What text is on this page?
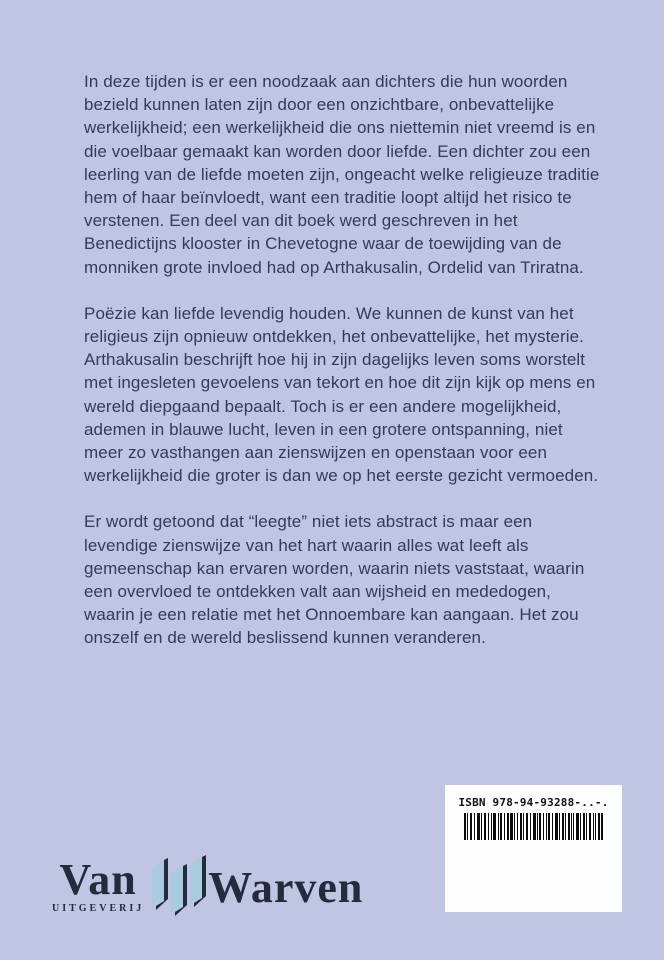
In deze tijden is er een noodzaak aan dichters die hun woorden bezield kunnen laten zijn door een onzichtbare, onbevattelijke werkelijkheid; een werkelijkheid die ons niettemin niet vreemd is en die voelbaar gemaakt kan worden door liefde. Een dichter zou een leerling van de liefde moeten zijn, ongeacht welke religieuze traditie hem of haar beïnvloedt, want een traditie loopt altijd het risico te verstenen. Een deel van dit boek werd geschreven in het Benedictijns klooster in Chevetogne waar de toewijding van de monniken grote invloed had op Arthakusalin, Ordelid van Triratna.

Poëzie kan liefde levendig houden. We kunnen de kunst van het religieus zijn opnieuw ontdekken, het onbevattelijke, het mysterie. Arthakusalin beschrijft hoe hij in zijn dagelijks leven soms worstelt met ingesleten gevoelens van tekort en hoe dit zijn kijk op mens en wereld diepgaand bepaalt. Toch is er een andere mogelijkheid, ademen in blauwe lucht, leven in een grotere ontspanning, niet meer zo vasthangen aan zienswijzen en openstaan voor een werkelijkheid die groter is dan we op het eerste gezicht vermoeden.

Er wordt getoond dat “leegte” niet iets abstract is maar een levendige zienswijze van het hart waarin alles wat leeft als gemeenschap kan ervaren worden, waarin niets vaststaat, waarin een overvloed te ontdekken valt aan wijsheid en mededogen, waarin je een relatie met het Onnoembare kan aangaan. Het zou onszelf en de wereld beslissend kunnen veranderen.

Van
UITGEVERIJ Warven
ISBN 978-94-93288-..-.
